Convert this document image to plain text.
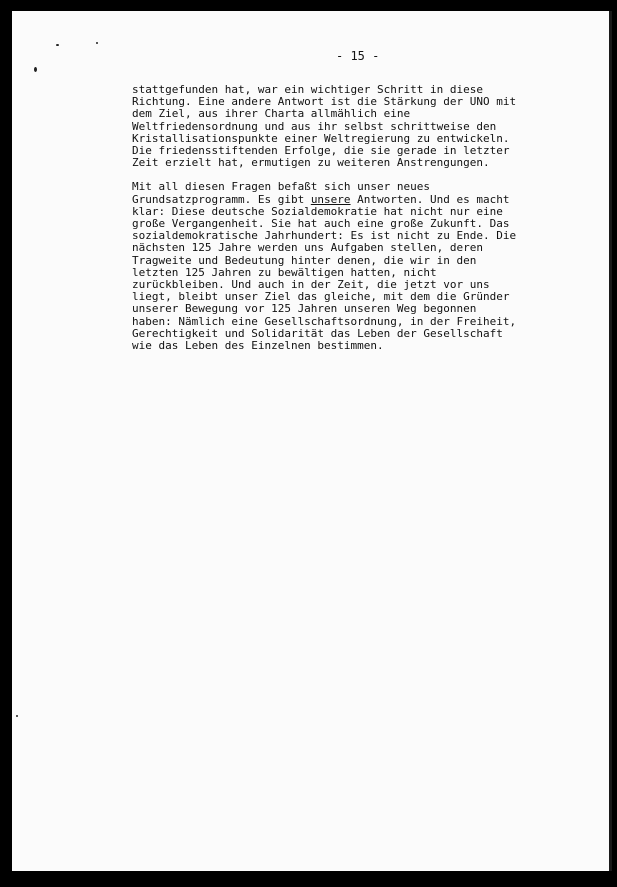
- 15 -

stattgefunden hat, war ein wichtiger Schritt in diese
Richtung. Eine andere Antwort ist die Stärkung der UNO mit
dem Ziel, aus ihrer Charta allmählich eine
Weltfriedensordnung und aus ihr selbst schrittweise den
Kristallisationspunkte einer Weltregierung zu entwickeln.
Die friedensstiftenden Erfolge, die sie gerade in letzter
Zeit erzielt hat, ermutigen zu weiteren Anstrengungen.

Mit all diesen Fragen befaßt sich unser neues
Grundsatzprogramm. Es gibt unsere Antworten. Und es macht
klar: Diese deutsche Sozialdemokratie hat nicht nur eine
große Vergangenheit. Sie hat auch eine große Zukunft. Das
sozialdemokratische Jahrhundert: Es ist nicht zu Ende. Die
nächsten 125 Jahre werden uns Aufgaben stellen, deren
Tragweite und Bedeutung hinter denen, die wir in den
letzten 125 Jahren zu bewältigen hatten, nicht
zurückbleiben. Und auch in der Zeit, die jetzt vor uns
liegt, bleibt unser Ziel das gleiche, mit dem die Gründer
unserer Bewegung vor 125 Jahren unseren Weg begonnen
haben: Nämlich eine Gesellschaftsordnung, in der Freiheit,
Gerechtigkeit und Solidarität das Leben der Gesellschaft
wie das Leben des Einzelnen bestimmen.
